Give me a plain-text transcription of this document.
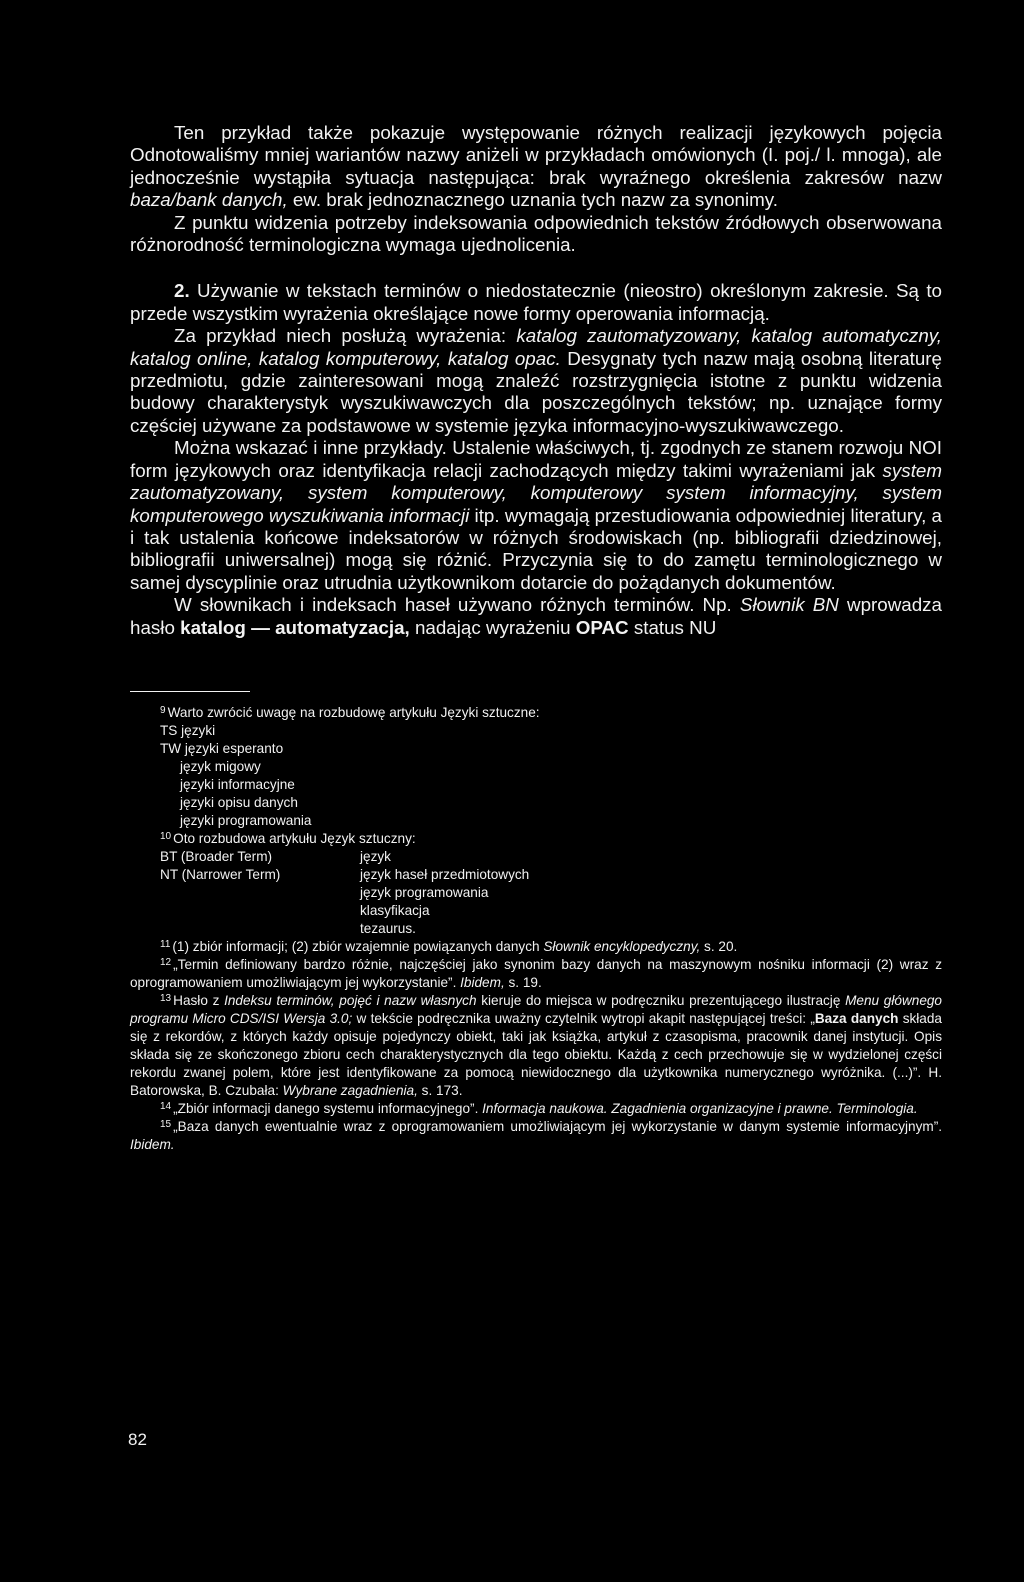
Ten przykład także pokazuje występowanie różnych realizacji językowych pojęcia Odnotowaliśmy mniej wariantów nazwy aniżeli w przykładach omówionych (I. poj./ l. mnoga), ale jednocześnie wystąpiła sytuacja następująca: brak wyraźnego określenia zakresów nazw baza/bank danych, ew. brak jednoznacznego uznania tych nazw za synonimy.

Z punktu widzenia potrzeby indeksowania odpowiednich tekstów źródłowych obserwowana różnorodność terminologiczna wymaga ujednolicenia.

2. Używanie w tekstach terminów o niedostatecznie (nieostro) określonym zakresie. Są to przede wszystkim wyrażenia określające nowe formy operowania informacją.

Za przykład niech posłużą wyrażenia: katalog zautomatyzowany, katalog automatyczny, katalog online, katalog komputerowy, katalog opac. Desygnaty tych nazw mają osobną literaturę przedmiotu, gdzie zainteresowani mogą znaleźć rozstrzygnięcia istotne z punktu widzenia budowy charakterystyk wyszukiwawczych dla poszczególnych tekstów; np. uznające formy częściej używane za podstawowe w systemie języka informacyjno-wyszukiwawczego.

Można wskazać i inne przykłady. Ustalenie właściwych, tj. zgodnych ze stanem rozwoju NOI form językowych oraz identyfikacja relacji zachodzących między takimi wyrażeniami jak system zautomatyzowany, system komputerowy, komputerowy system informacyjny, system komputerowego wyszukiwania informacji itp. wymagają przestudiowania odpowiedniej literatury, a i tak ustalenia końcowe indeksatorów w różnych środowiskach (np. bibliografii dziedzinowej, bibliografii uniwersalnej) mogą się różnić. Przyczynia się to do zamętu terminologicznego w samej dyscyplinie oraz utrudnia użytkownikom dotarcie do pożądanych dokumentów.

W słownikach i indeksach haseł używano różnych terminów. Np. Słownik BN wprowadza hasło katalog — automatyzacja, nadając wyrażeniu OPAC status NU

$^9$ Warto zwrócić uwagę na rozbudowę artykułu Języki sztuczne:

TS języki
TW języki esperanto
język migowy
języki informacyjne
języki opisu danych
języki programowania

$^{10}$ Oto rozbudowa artykułu Język sztuczny:

BT (Broader Term)	język
NT (Narrower Term)	język haseł przedmiotowych
język programowania
klasyfikacja
tezaurus.

$^{11}$ (1) zbiór informacji; (2) zbiór wzajemnie powiązanych danych Słownik encyklopedyczny, s. 20.

$^{12}$ „Termin definiowany bardzo różnie, najczęściej jako synonim bazy danych na maszynowym nośniku informacji (2) wraz z oprogramowaniem umożliwiającym jej wykorzystanie”. Ibidem, s. 19.

$^{13}$ Hasło z Indeksu terminów, pojęć i nazw własnych kieruje do miejsca w podręczniku prezentującego ilustrację Menu głównego programu Micro CDS/ISI Wersja 3.0; w tekście podręcznika uważny czytelnik wytropi akapit następującej treści: „Baza danych składa się z rekordów, z których każdy opisuje pojedynczy obiekt, taki jak książka, artykuł z czasopisma, pracownik danej instytucji. Opis składa się ze skończonego zbioru cech charakterystycznych dla tego obiektu. Każdą z cech przechowuje się w wydzielonej części rekordu zwanej polem, które jest identyfikowane za pomocą niewidocznego dla użytkownika numerycznego wyróżnika. (...)”. H. Batorowska, B. Czubała: Wybrane zagadnienia, s. 173.

$^{14}$ „Zbiór informacji danego systemu informacyjnego”. Informacja naukowa. Zagadnienia organizacyjne i prawne. Terminologia.

$^{15}$ „Baza danych ewentualnie wraz z oprogramowaniem umożliwiającym jej wykorzystanie w danym systemie informacyjnym”. Ibidem.

82
